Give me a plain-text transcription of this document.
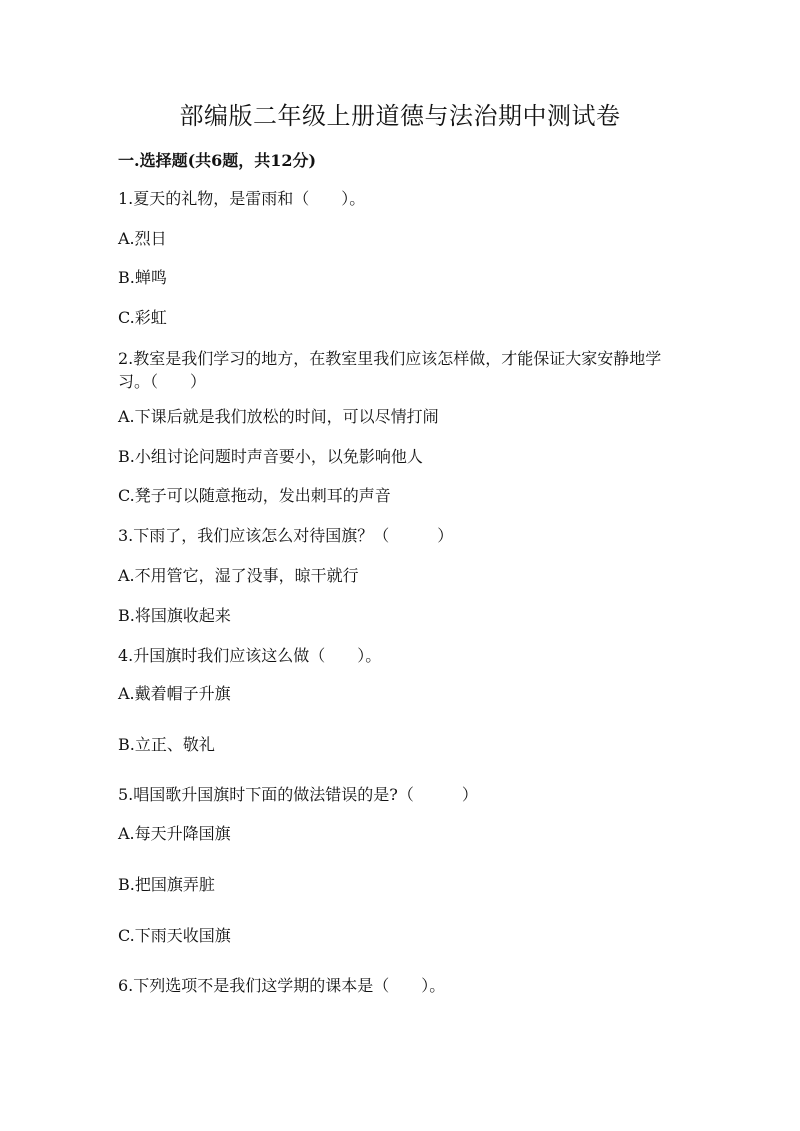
部编版二年级上册道德与法治期中测试卷
一.选择题(共6题，共12分)
1.夏天的礼物，是雷雨和（　　）。
A.烈日
B.蝉鸣
C.彩虹
2.教室是我们学习的地方，在教室里我们应该怎样做，才能保证大家安静地学习。（　　）
A.下课后就是我们放松的时间，可以尽情打闹
B.小组讨论问题时声音要小，以免影响他人
C.凳子可以随意拖动，发出刺耳的声音
3.下雨了，我们应该怎么对待国旗？（　　　）
A.不用管它，湿了没事，晾干就行
B.将国旗收起来
4.升国旗时我们应该这么做（　　）。
A.戴着帽子升旗
B.立正、敬礼
5.唱国歌升国旗时下面的做法错误的是?（　　　）
A.每天升降国旗
B.把国旗弄脏
C.下雨天收国旗
6.下列选项不是我们这学期的课本是（　　）。
